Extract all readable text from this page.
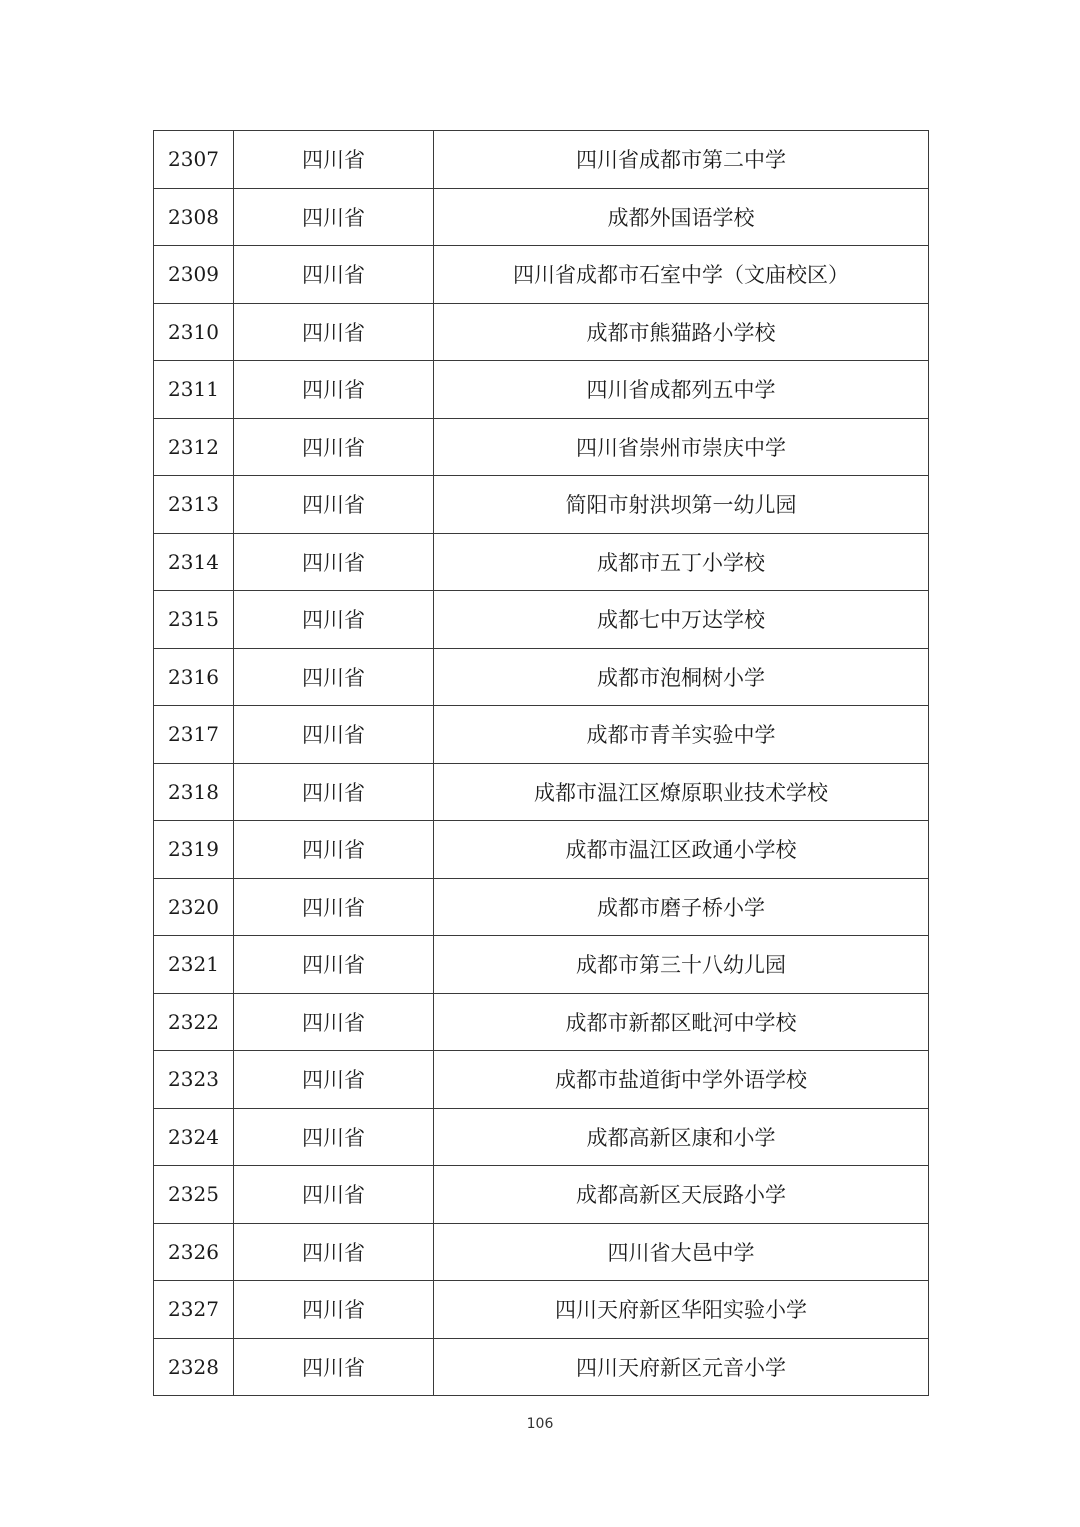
2307	四川省	四川省成都市第二中学
2308	四川省	成都外国语学校
2309	四川省	四川省成都市石室中学（文庙校区）
2310	四川省	成都市熊猫路小学校
2311	四川省	四川省成都列五中学
2312	四川省	四川省崇州市崇庆中学
2313	四川省	简阳市射洪坝第一幼儿园
2314	四川省	成都市五丁小学校
2315	四川省	成都七中万达学校
2316	四川省	成都市泡桐树小学
2317	四川省	成都市青羊实验中学
2318	四川省	成都市温江区燎原职业技术学校
2319	四川省	成都市温江区政通小学校
2320	四川省	成都市磨子桥小学
2321	四川省	成都市第三十八幼儿园
2322	四川省	成都市新都区毗河中学校
2323	四川省	成都市盐道街中学外语学校
2324	四川省	成都高新区康和小学
2325	四川省	成都高新区天辰路小学
2326	四川省	四川省大邑中学
2327	四川省	四川天府新区华阳实验小学
2328	四川省	四川天府新区元音小学
106
